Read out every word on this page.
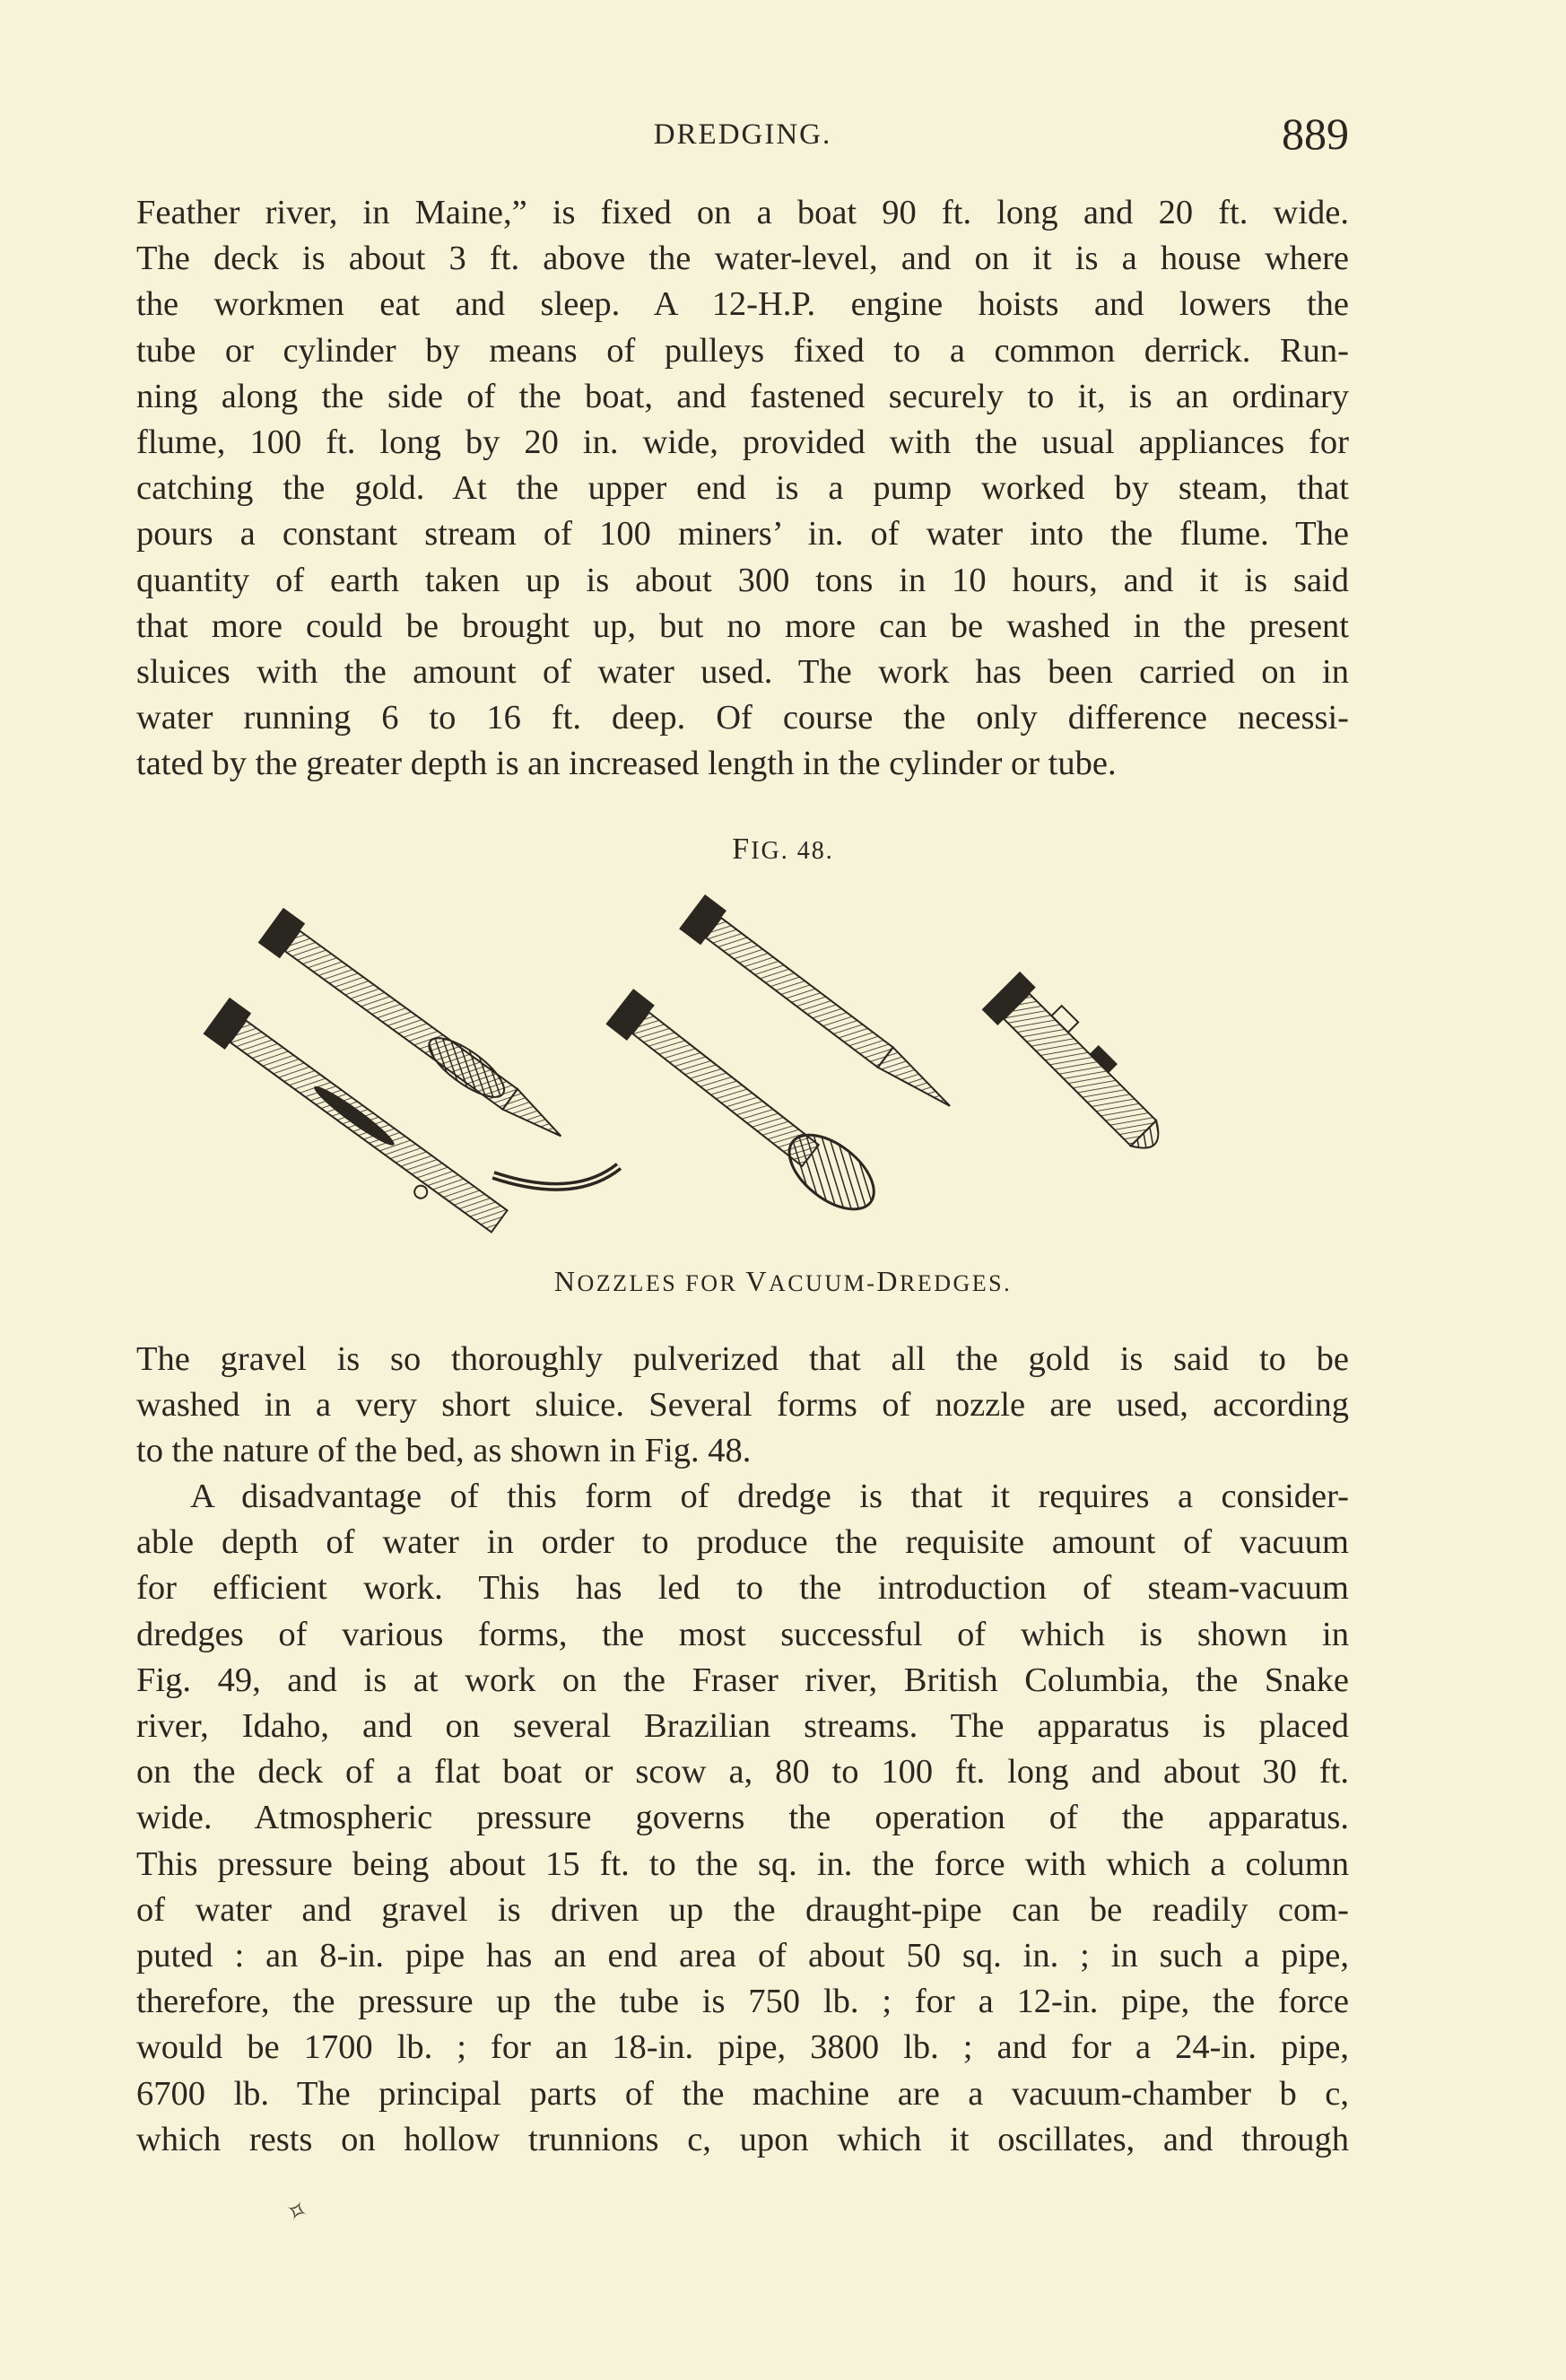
DREDGING.	889
Feather river, in Maine,” is fixed on a boat 90 ft. long and 20 ft. wide.
The deck is about 3 ft. above the water-level, and on it is a house where
the workmen eat and sleep. A 12-H.P. engine hoists and lowers the
tube or cylinder by means of pulleys fixed to a common derrick. Run-
ning along the side of the boat, and fastened securely to it, is an ordinary
flume, 100 ft. long by 20 in. wide, provided with the usual appliances for
catching the gold. At the upper end is a pump worked by steam, that
pours a constant stream of 100 miners’ in. of water into the flume. The
quantity of earth taken up is about 300 tons in 10 hours, and it is said
that more could be brought up, but no more can be washed in the present
sluices with the amount of water used. The work has been carried on in
water running 6 to 16 ft. deep. Of course the only difference necessi-
tated by the greater depth is an increased length in the cylinder or tube.
FIG. 48.
NOZZLES FOR VACUUM-DREDGES.
The gravel is so thoroughly pulverized that all the gold is said to be
washed in a very short sluice. Several forms of nozzle are used, according
to the nature of the bed, as shown in Fig. 48.
A disadvantage of this form of dredge is that it requires a consider-
able depth of water in order to produce the requisite amount of vacuum
for efficient work. This has led to the introduction of steam-vacuum
dredges of various forms, the most successful of which is shown in
Fig. 49, and is at work on the Fraser river, British Columbia, the Snake
river, Idaho, and on several Brazilian streams. The apparatus is placed
on the deck of a flat boat or scow a, 80 to 100 ft. long and about 30 ft.
wide. Atmospheric pressure governs the operation of the apparatus.
This pressure being about 15 ft. to the sq. in. the force with which a column
of water and gravel is driven up the draught-pipe can be readily com-
puted : an 8-in. pipe has an end area of about 50 sq. in. ; in such a pipe,
therefore, the pressure up the tube is 750 lb. ; for a 12-in. pipe, the force
would be 1700 lb. ; for an 18-in. pipe, 3800 lb. ; and for a 24-in. pipe,
6700 lb. The principal parts of the machine are a vacuum-chamber b c,
which rests on hollow trunnions c, upon which it oscillates, and through
✧
